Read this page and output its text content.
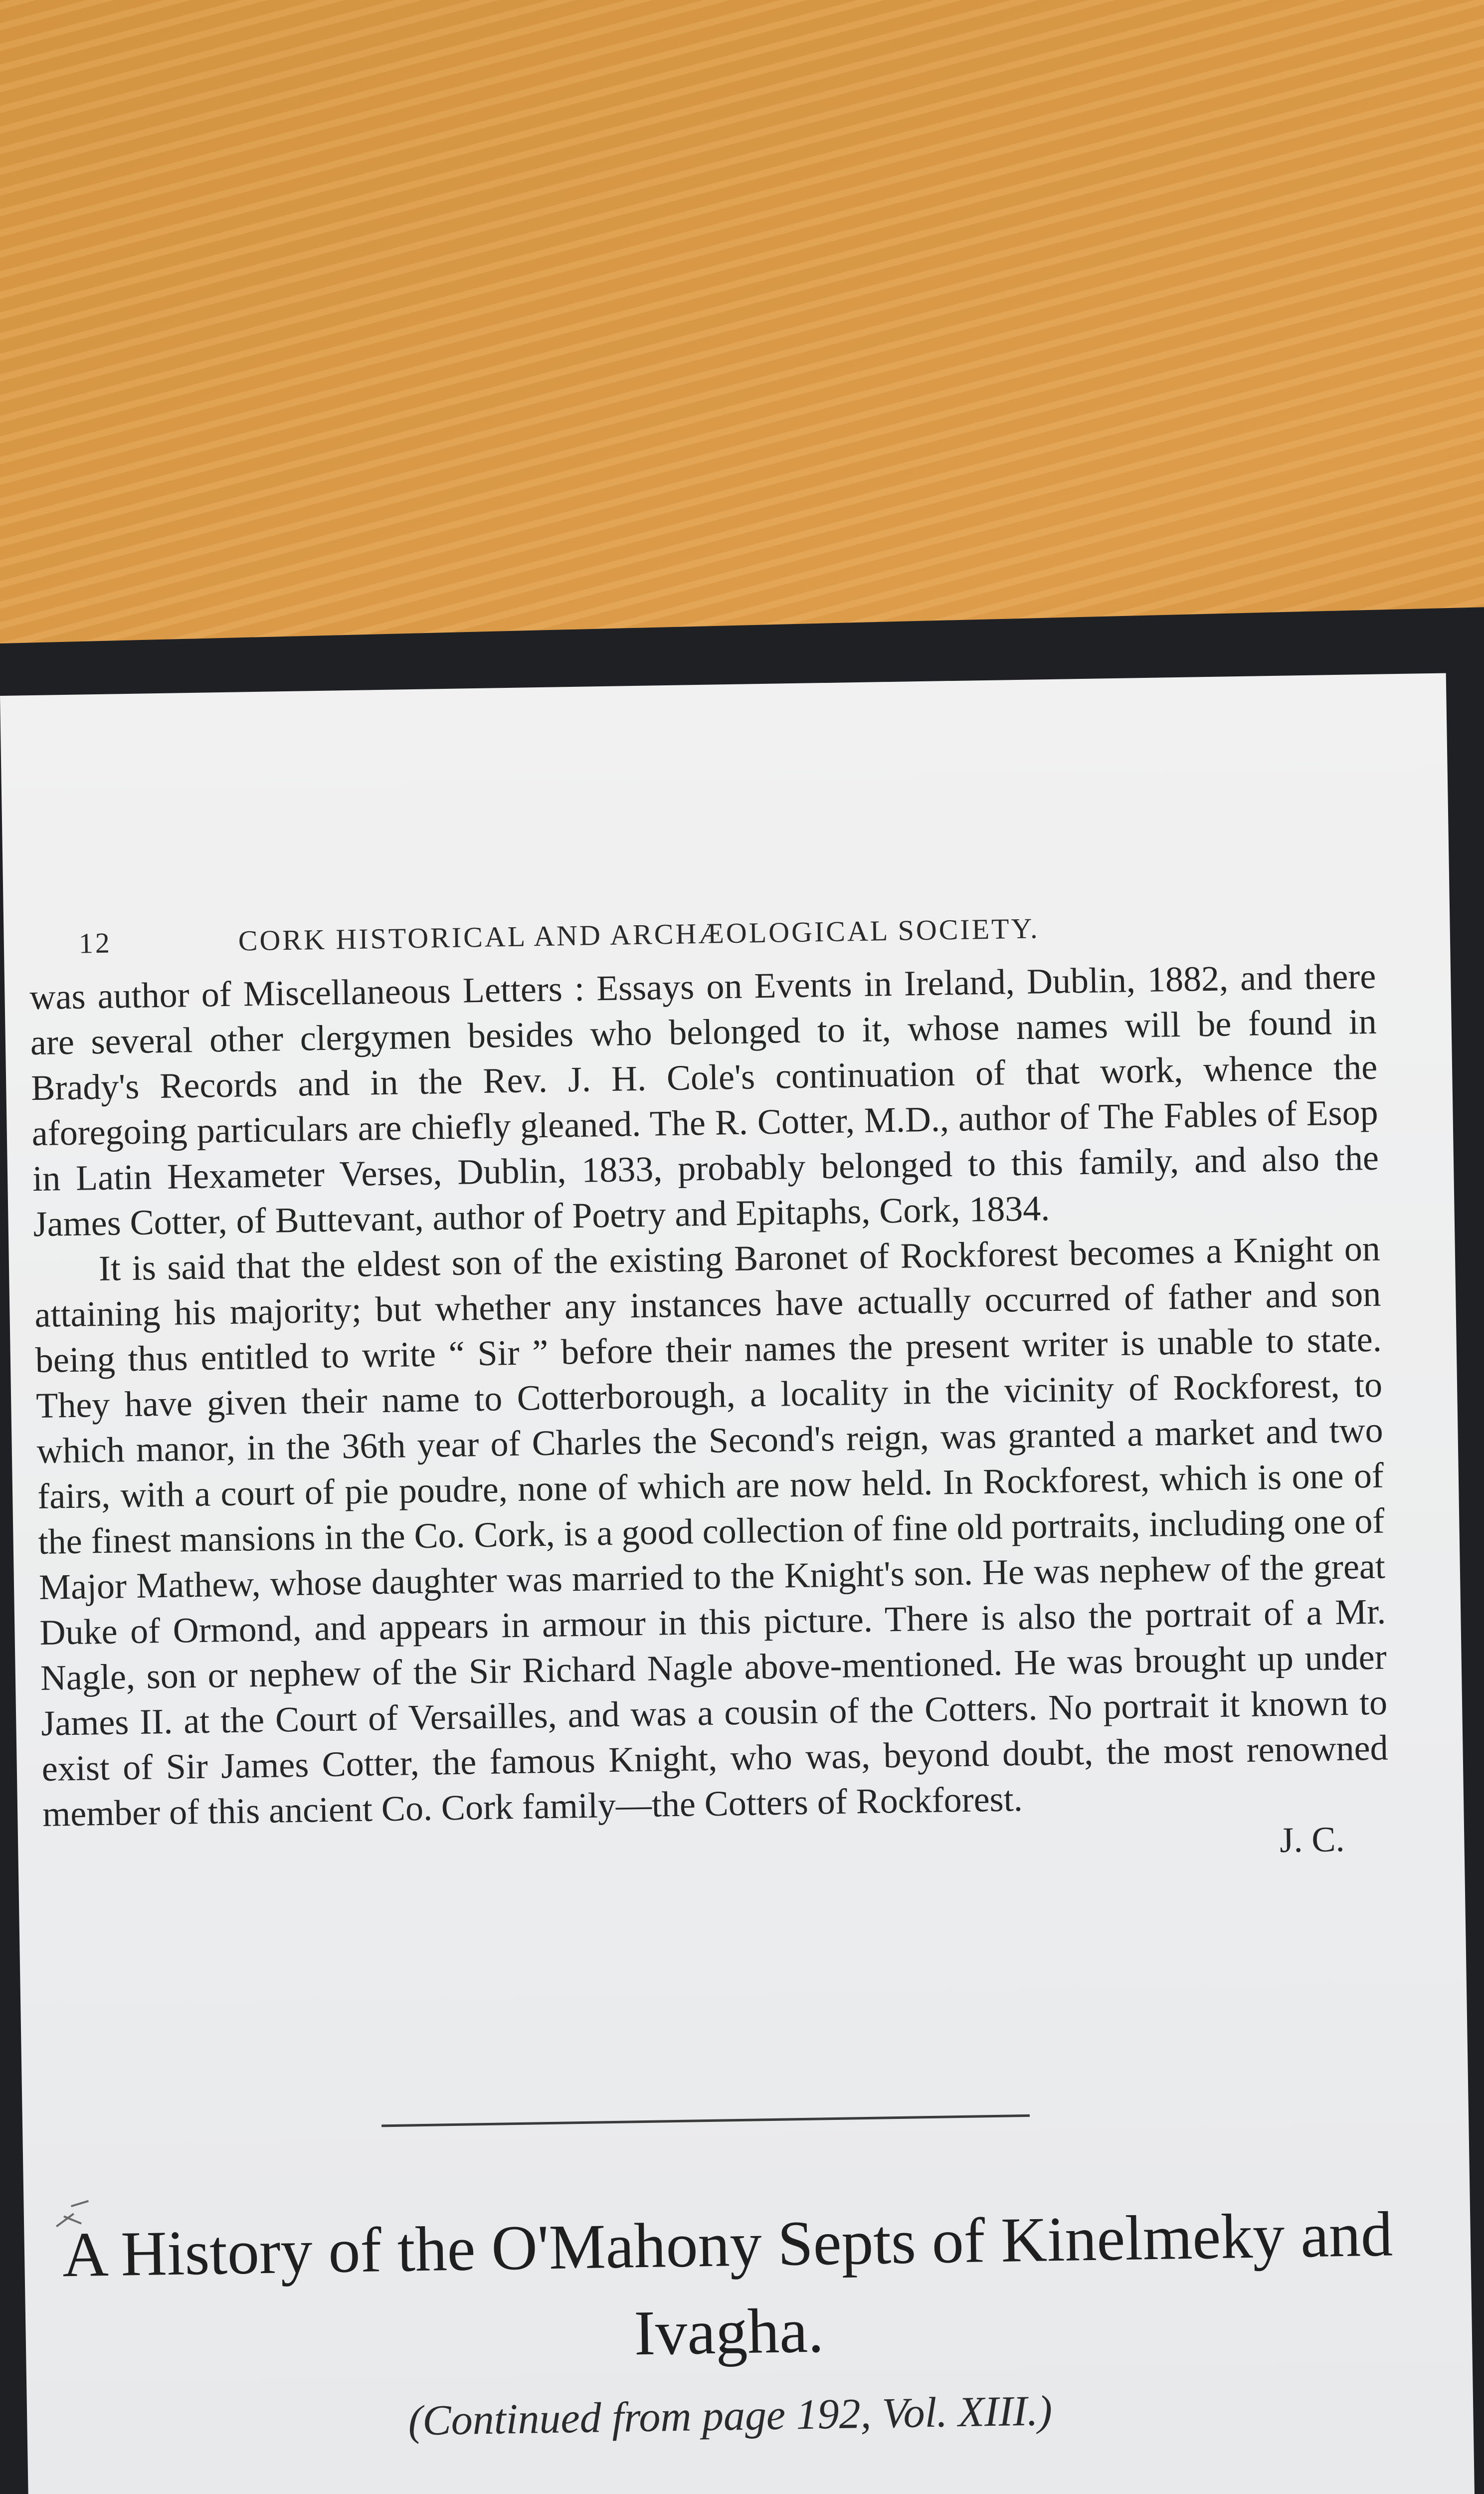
12	CORK HISTORICAL AND ARCHÆOLOGICAL SOCIETY.

was author of Miscellaneous Letters : Essays on Events in Ireland, Dublin, 1882, and there are several other clergymen besides who belonged to it, whose names will be found in Brady's Records and in the Rev. J. H. Cole's continuation of that work, whence the aforegoing particulars are chiefly gleaned. The R. Cotter, M.D., author of The Fables of Esop in Latin Hexameter Verses, Dublin, 1833, probably belonged to this family, and also the James Cotter, of Buttevant, author of Poetry and Epitaphs, Cork, 1834.

It is said that the eldest son of the existing Baronet of Rockforest becomes a Knight on attaining his majority; but whether any instances have actually occurred of father and son being thus entitled to write “ Sir ” before their names the present writer is unable to state. They have given their name to Cotterborough, a locality in the vicinity of Rockforest, to which manor, in the 36th year of Charles the Second's reign, was granted a market and two fairs, with a court of pie poudre, none of which are now held. In Rockforest, which is one of the finest mansions in the Co. Cork, is a good collection of fine old portraits, including one of Major Mathew, whose daughter was married to the Knight's son. He was nephew of the great Duke of Ormond, and appears in armour in this picture. There is also the portrait of a Mr. Nagle, son or nephew of the Sir Richard Nagle above-mentioned. He was brought up under James II. at the Court of Versailles, and was a cousin of the Cotters. No portrait it known to exist of Sir James Cotter, the famous Knight, who was, beyond doubt, the most renowned member of this ancient Co. Cork family—the Cotters of Rockforest.

J. C.

A History of the O'Mahony Septs of Kinelmeky and Ivagha.
(Continued from page 192, Vol. XIII.)
